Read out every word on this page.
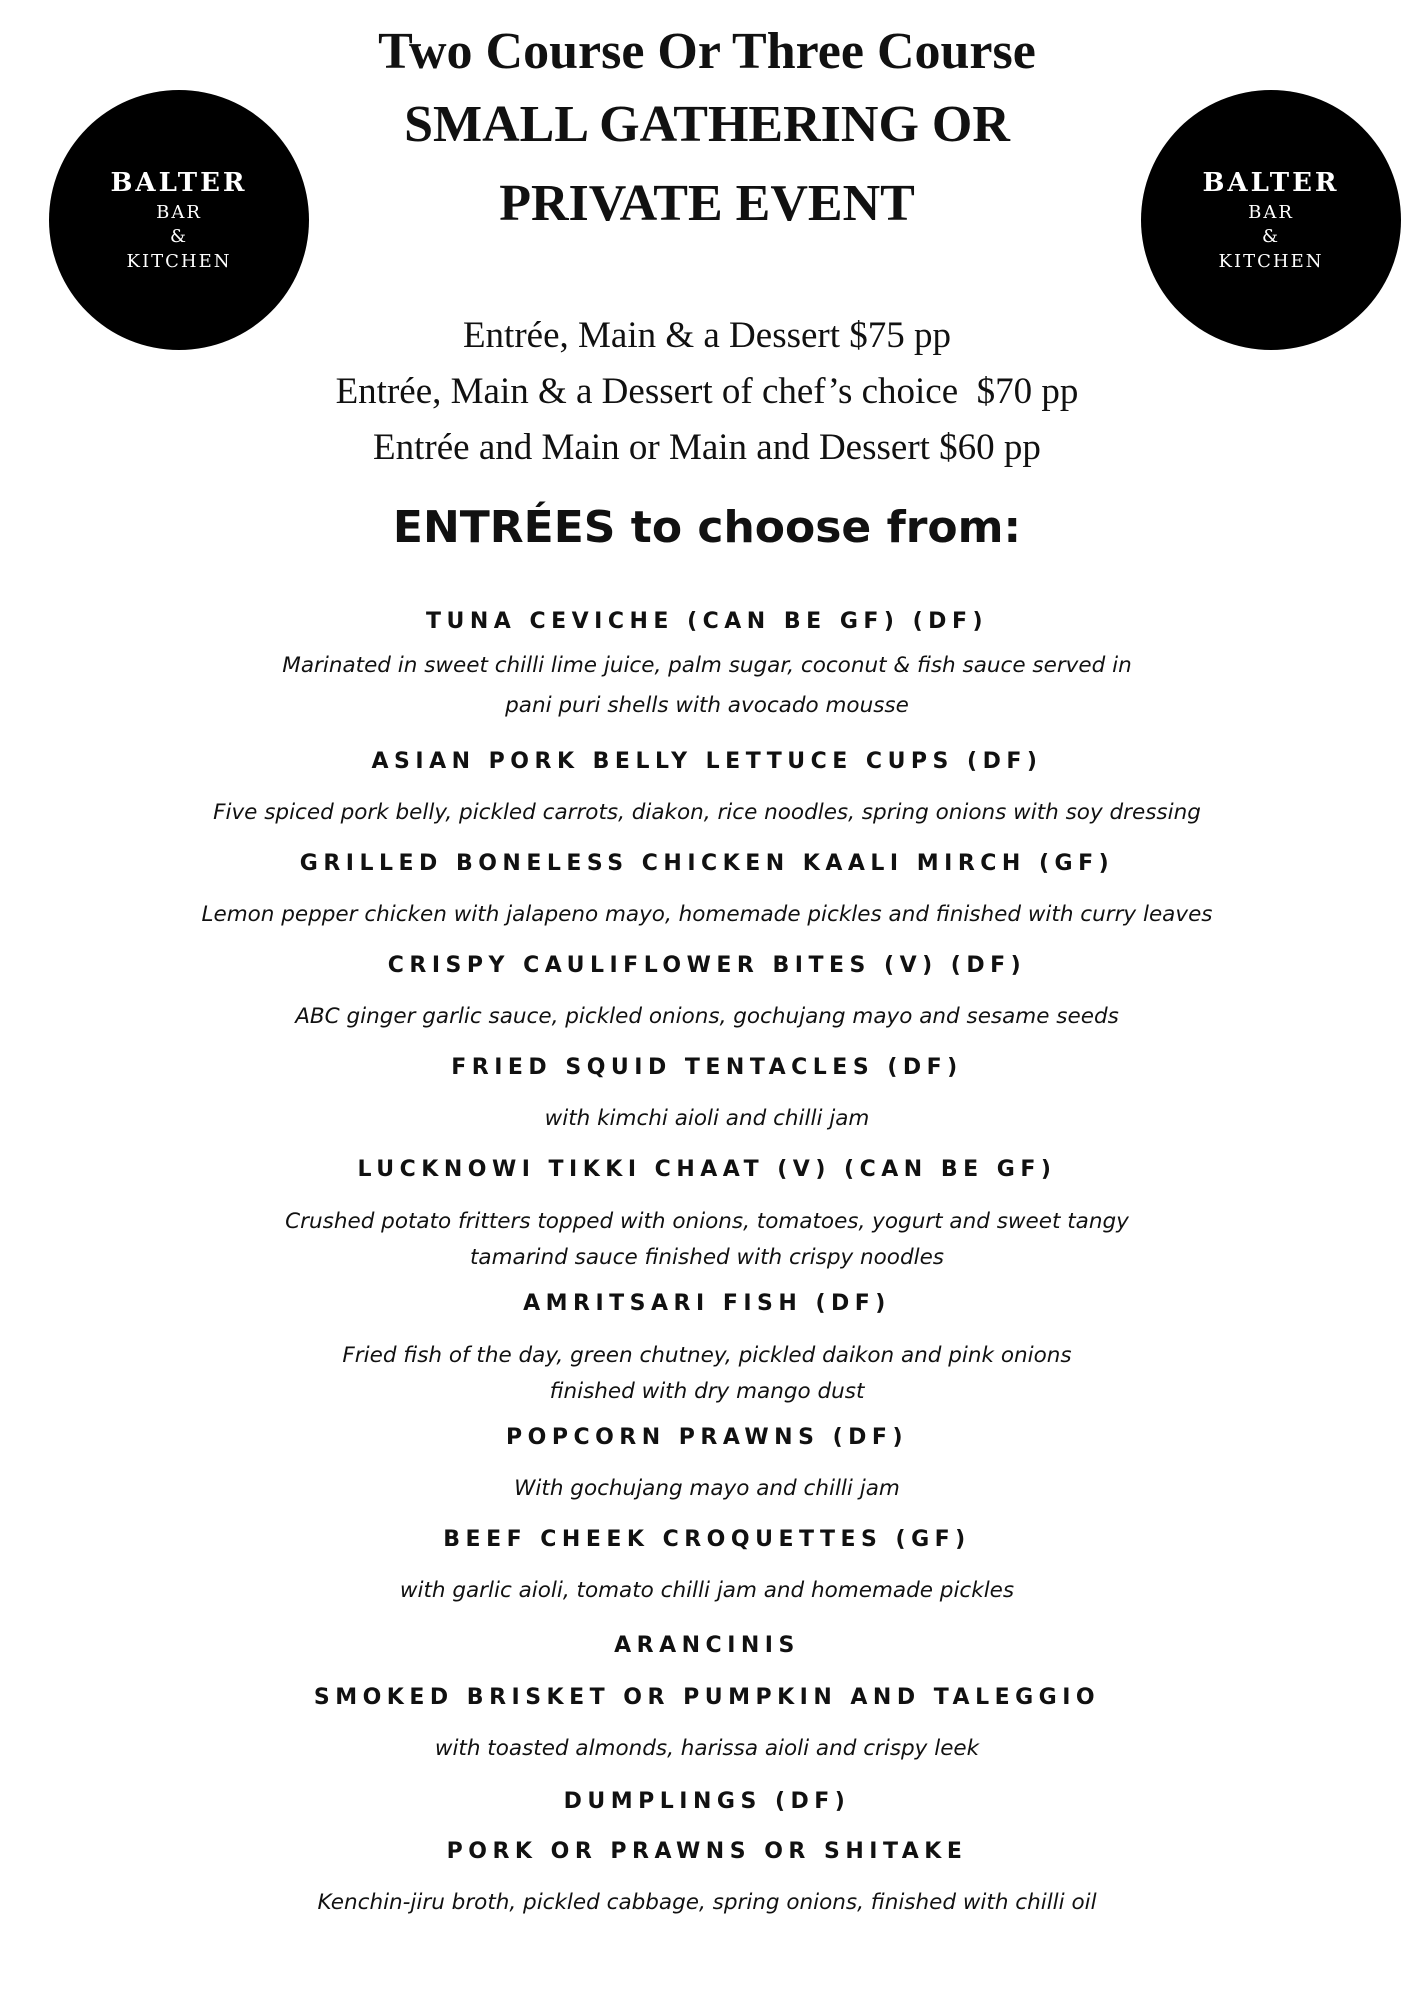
BALTER
BAR
&
KITCHEN
BALTER
BAR
&
KITCHEN
Two Course Or Three Course
SMALL GATHERING OR
PRIVATE EVENT
Entrée, Main & a Dessert $75 pp
Entrée, Main & a Dessert of chef’s choice  $70 pp
Entrée and Main or Main and Dessert $60 pp
ENTRÉES to choose from:
TUNA CEVICHE (CAN BE GF) (DF)
Marinated in sweet chilli lime juice, palm sugar, coconut & fish sauce served in
pani puri shells with avocado mousse
ASIAN PORK BELLY LETTUCE CUPS (DF)
Five spiced pork belly, pickled carrots, diakon, rice noodles, spring onions with soy dressing
GRILLED BONELESS CHICKEN KAALI MIRCH (GF)
Lemon pepper chicken with jalapeno mayo, homemade pickles and finished with curry leaves
CRISPY CAULIFLOWER BITES (V) (DF)
ABC ginger garlic sauce, pickled onions, gochujang mayo and sesame seeds
FRIED SQUID TENTACLES (DF)
with kimchi aioli and chilli jam
LUCKNOWI TIKKI CHAAT (V) (CAN BE GF)
Crushed potato fritters topped with onions, tomatoes, yogurt and sweet tangy
tamarind sauce finished with crispy noodles
AMRITSARI FISH (DF)
Fried fish of the day, green chutney, pickled daikon and pink onions
finished with dry mango dust
POPCORN PRAWNS (DF)
With gochujang mayo and chilli jam
BEEF CHEEK CROQUETTES (GF)
with garlic aioli, tomato chilli jam and homemade pickles
ARANCINIS
SMOKED BRISKET OR PUMPKIN AND TALEGGIO
with toasted almonds, harissa aioli and crispy leek
DUMPLINGS (DF)
PORK OR PRAWNS OR SHITAKE
Kenchin-jiru broth, pickled cabbage, spring onions, finished with chilli oil
